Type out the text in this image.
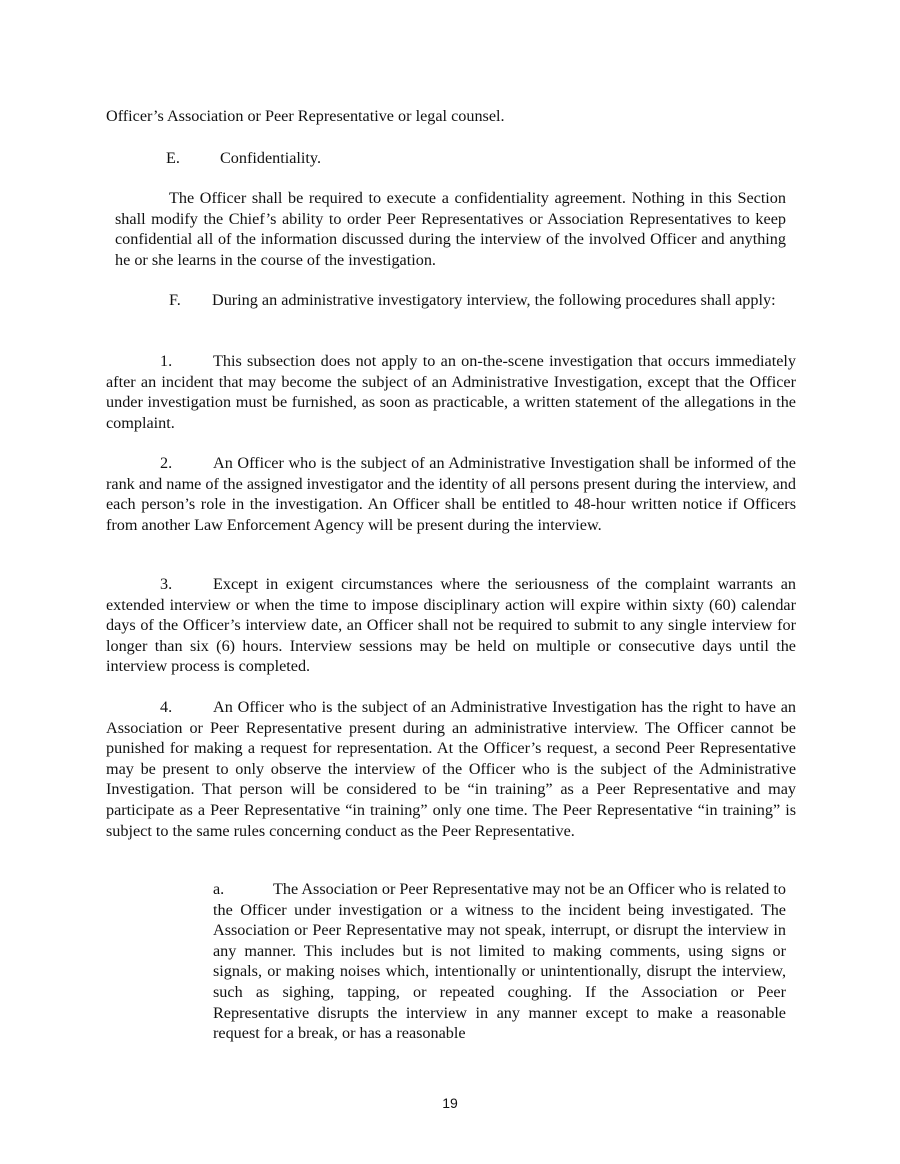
Officer’s Association or Peer Representative or legal counsel.

E. Confidentiality.

The Officer shall be required to execute a confidentiality agreement. Nothing in this Section shall modify the Chief’s ability to order Peer Representatives or Association Representatives to keep confidential all of the information discussed during the interview of the involved Officer and anything he or she learns in the course of the investigation.

F. During an administrative investigatory interview, the following procedures shall apply:

1.	This subsection does not apply to an on-the-scene investigation that occurs immediately after an incident that may become the subject of an Administrative Investigation, except that the Officer under investigation must be furnished, as soon as practicable, a written statement of the allegations in the complaint.

2.	An Officer who is the subject of an Administrative Investigation shall be informed of the rank and name of the assigned investigator and the identity of all persons present during the interview, and each person’s role in the investigation. An Officer shall be entitled to 48-hour written notice if Officers from another Law Enforcement Agency will be present during the interview.

3.	Except in exigent circumstances where the seriousness of the complaint warrants an extended interview or when the time to impose disciplinary action will expire within sixty (60) calendar days of the Officer’s interview date, an Officer shall not be required to submit to any single interview for longer than six (6) hours. Interview sessions may be held on multiple or consecutive days until the interview process is completed.

4.	An Officer who is the subject of an Administrative Investigation has the right to have an Association or Peer Representative present during an administrative interview. The Officer cannot be punished for making a request for representation. At the Officer’s request, a second Peer Representative may be present to only observe the interview of the Officer who is the subject of the Administrative Investigation. That person will be considered to be “in training” as a Peer Representative and may participate as a Peer Representative “in training” only one time. The Peer Representative “in training” is subject to the same rules concerning conduct as the Peer Representative.

a.	The Association or Peer Representative may not be an Officer who is related to the Officer under investigation or a witness to the incident being investigated. The Association or Peer Representative may not speak, interrupt, or disrupt the interview in any manner. This includes but is not limited to making comments, using signs or signals, or making noises which, intentionally or unintentionally, disrupt the interview, such as sighing, tapping, or repeated coughing. If the Association or Peer Representative disrupts the interview in any manner except to make a reasonable request for a break, or has a reasonable

19
